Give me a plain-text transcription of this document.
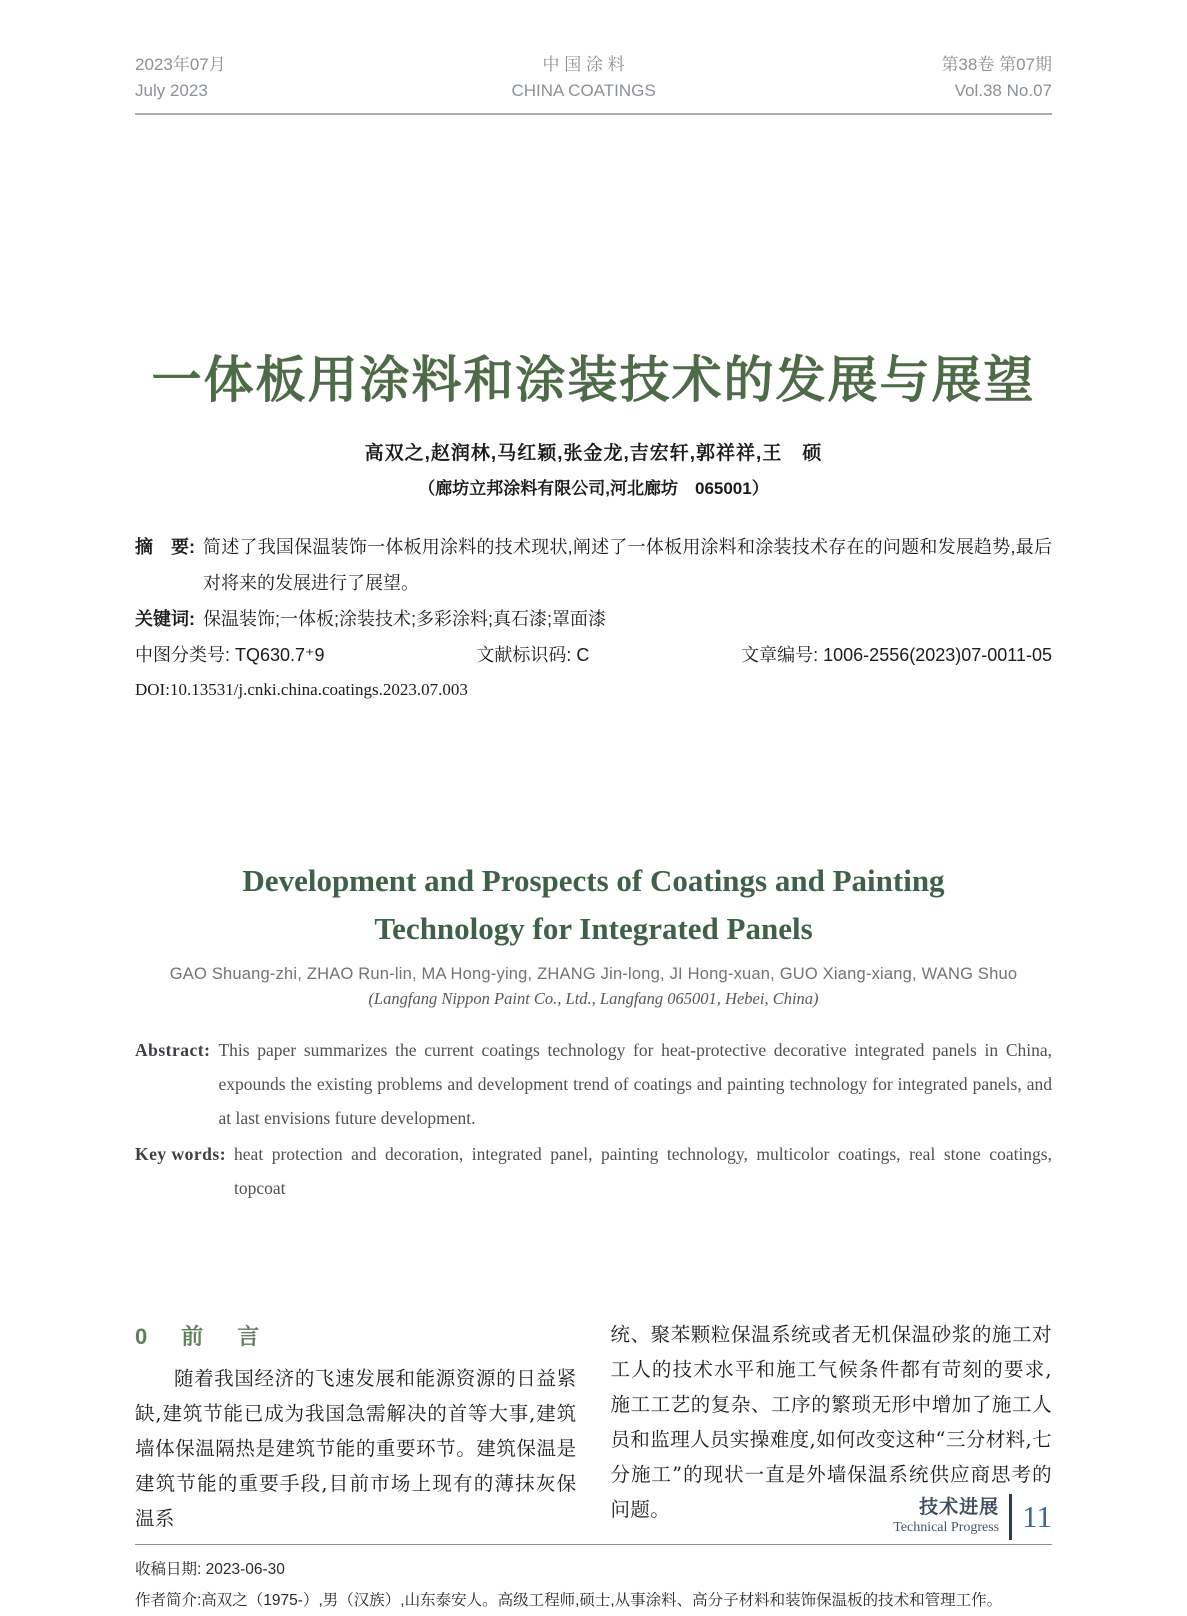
2023年07月
July 2023
中 国 涂 料
CHINA COATINGS
第38卷 第07期
Vol.38 No.07
一体板用涂料和涂装技术的发展与展望
高双之,赵润林,马红颖,张金龙,吉宏轩,郭祥祥,王　硕
（廊坊立邦涂料有限公司,河北廊坊　065001）
摘　要: 简述了我国保温装饰一体板用涂料的技术现状,阐述了一体板用涂料和涂装技术存在的问题和发展趋势,最后对将来的发展进行了展望。
关键词: 保温装饰;一体板;涂装技术;多彩涂料;真石漆;罩面漆
中图分类号: TQ630.7⁺9	文献标识码: C	文章编号: 1006-2556(2023)07-0011-05
DOI:10.13531/j.cnki.china.coatings.2023.07.003
Development and Prospects of Coatings and Painting
Technology for Integrated Panels
GAO Shuang-zhi, ZHAO Run-lin, MA Hong-ying, ZHANG Jin-long, JI Hong-xuan, GUO Xiang-xiang, WANG Shuo
(Langfang Nippon Paint Co., Ltd., Langfang 065001, Hebei, China)
Abstract: This paper summarizes the current coatings technology for heat-protective decorative integrated panels in China, expounds the existing problems and development trend of coatings and painting technology for integrated panels, and at last envisions future development.
Key words: heat protection and decoration, integrated panel, painting technology, multicolor coatings, real stone coatings, topcoat
0　前　言
随着我国经济的飞速发展和能源资源的日益紧缺,建筑节能已成为我国急需解决的首等大事,建筑墙体保温隔热是建筑节能的重要环节。建筑保温是建筑节能的重要手段,目前市场上现有的薄抹灰保温系
统、聚苯颗粒保温系统或者无机保温砂浆的施工对工人的技术水平和施工气候条件都有苛刻的要求,施工工艺的复杂、工序的繁琐无形中增加了施工人员和监理人员实操难度,如何改变这种“三分材料,七分施工”的现状一直是外墙保温系统供应商思考的问题。
收稿日期: 2023-06-30
作者简介:高双之（1975-）,男（汉族）,山东泰安人。高级工程师,硕士,从事涂料、高分子材料和装饰保温板的技术和管理工作。
技术进展
Technical Progress 11
